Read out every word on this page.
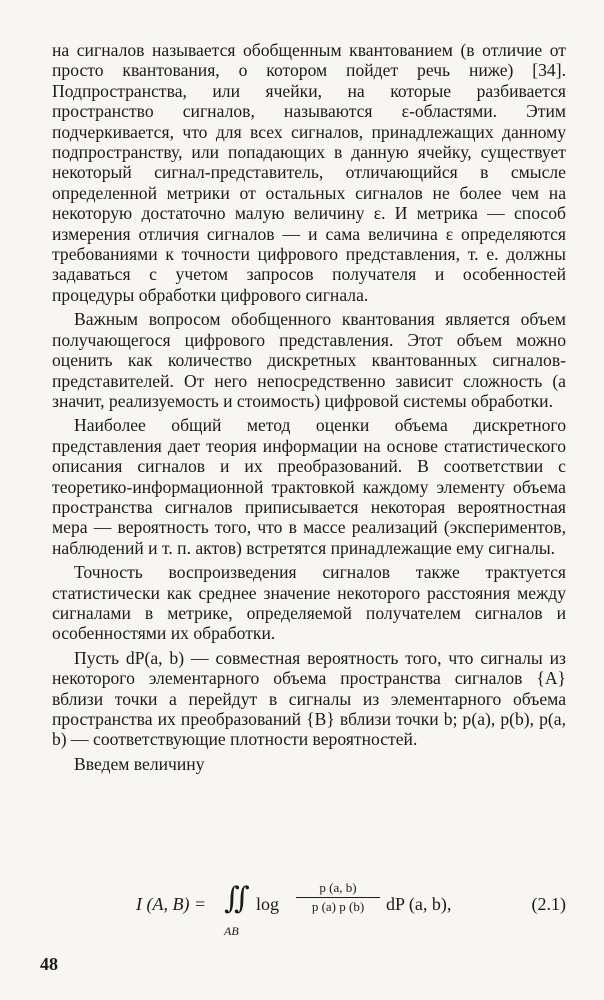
на сигналов называется обобщенным квантованием (в отличие от просто квантования, о котором пойдет речь ниже) [34]. Подпространства, или ячейки, на которые разбивается пространство сигналов, называются ε-областями. Этим подчеркивается, что для всех сигналов, принадлежащих данному подпространству, или попадающих в данную ячейку, существует некоторый сигнал-представитель, отличающийся в смысле определенной метрики от остальных сигналов не более чем на некоторую достаточно малую величину ε. И метрика — способ измерения отличия сигналов — и сама величина ε определяются требованиями к точности цифрового представления, т. е. должны задаваться с учетом запросов получателя и особенностей процедуры обработки цифрового сигнала.

Важным вопросом обобщенного квантования является объем получающегося цифрового представления. Этот объем можно оценить как количество дискретных квантованных сигналов-представителей. От него непосредственно зависит сложность (а значит, реализуемость и стоимость) цифровой системы обработки.

Наиболее общий метод оценки объема дискретного представления дает теория информации на основе статистического описания сигналов и их преобразований. В соответствии с теоретико-информационной трактовкой каждому элементу объема пространства сигналов приписывается некоторая вероятностная мера — вероятность того, что в массе реализаций (экспериментов, наблюдений и т. п. актов) встретятся принадлежащие ему сигналы.

Точность воспроизведения сигналов также трактуется статистически как среднее значение некоторого расстояния между сигналами в метрике, определяемой получателем сигналов и особенностями их обработки.

Пусть dP(a, b) — совместная вероятность того, что сигналы из некоторого элементарного объема пространства сигналов {A} вблизи точки a перейдут в сигналы из элементарного объема пространства их преобразований {B} вблизи точки b; p(a), p(b), p(a, b) — соответствующие плотности вероятностей.

Введем величину

I (A, B) = ∬
AB
$\log \frac{p (a, b)}{p (a) p (b)}$ dP (a, b),	(2.1)
48
